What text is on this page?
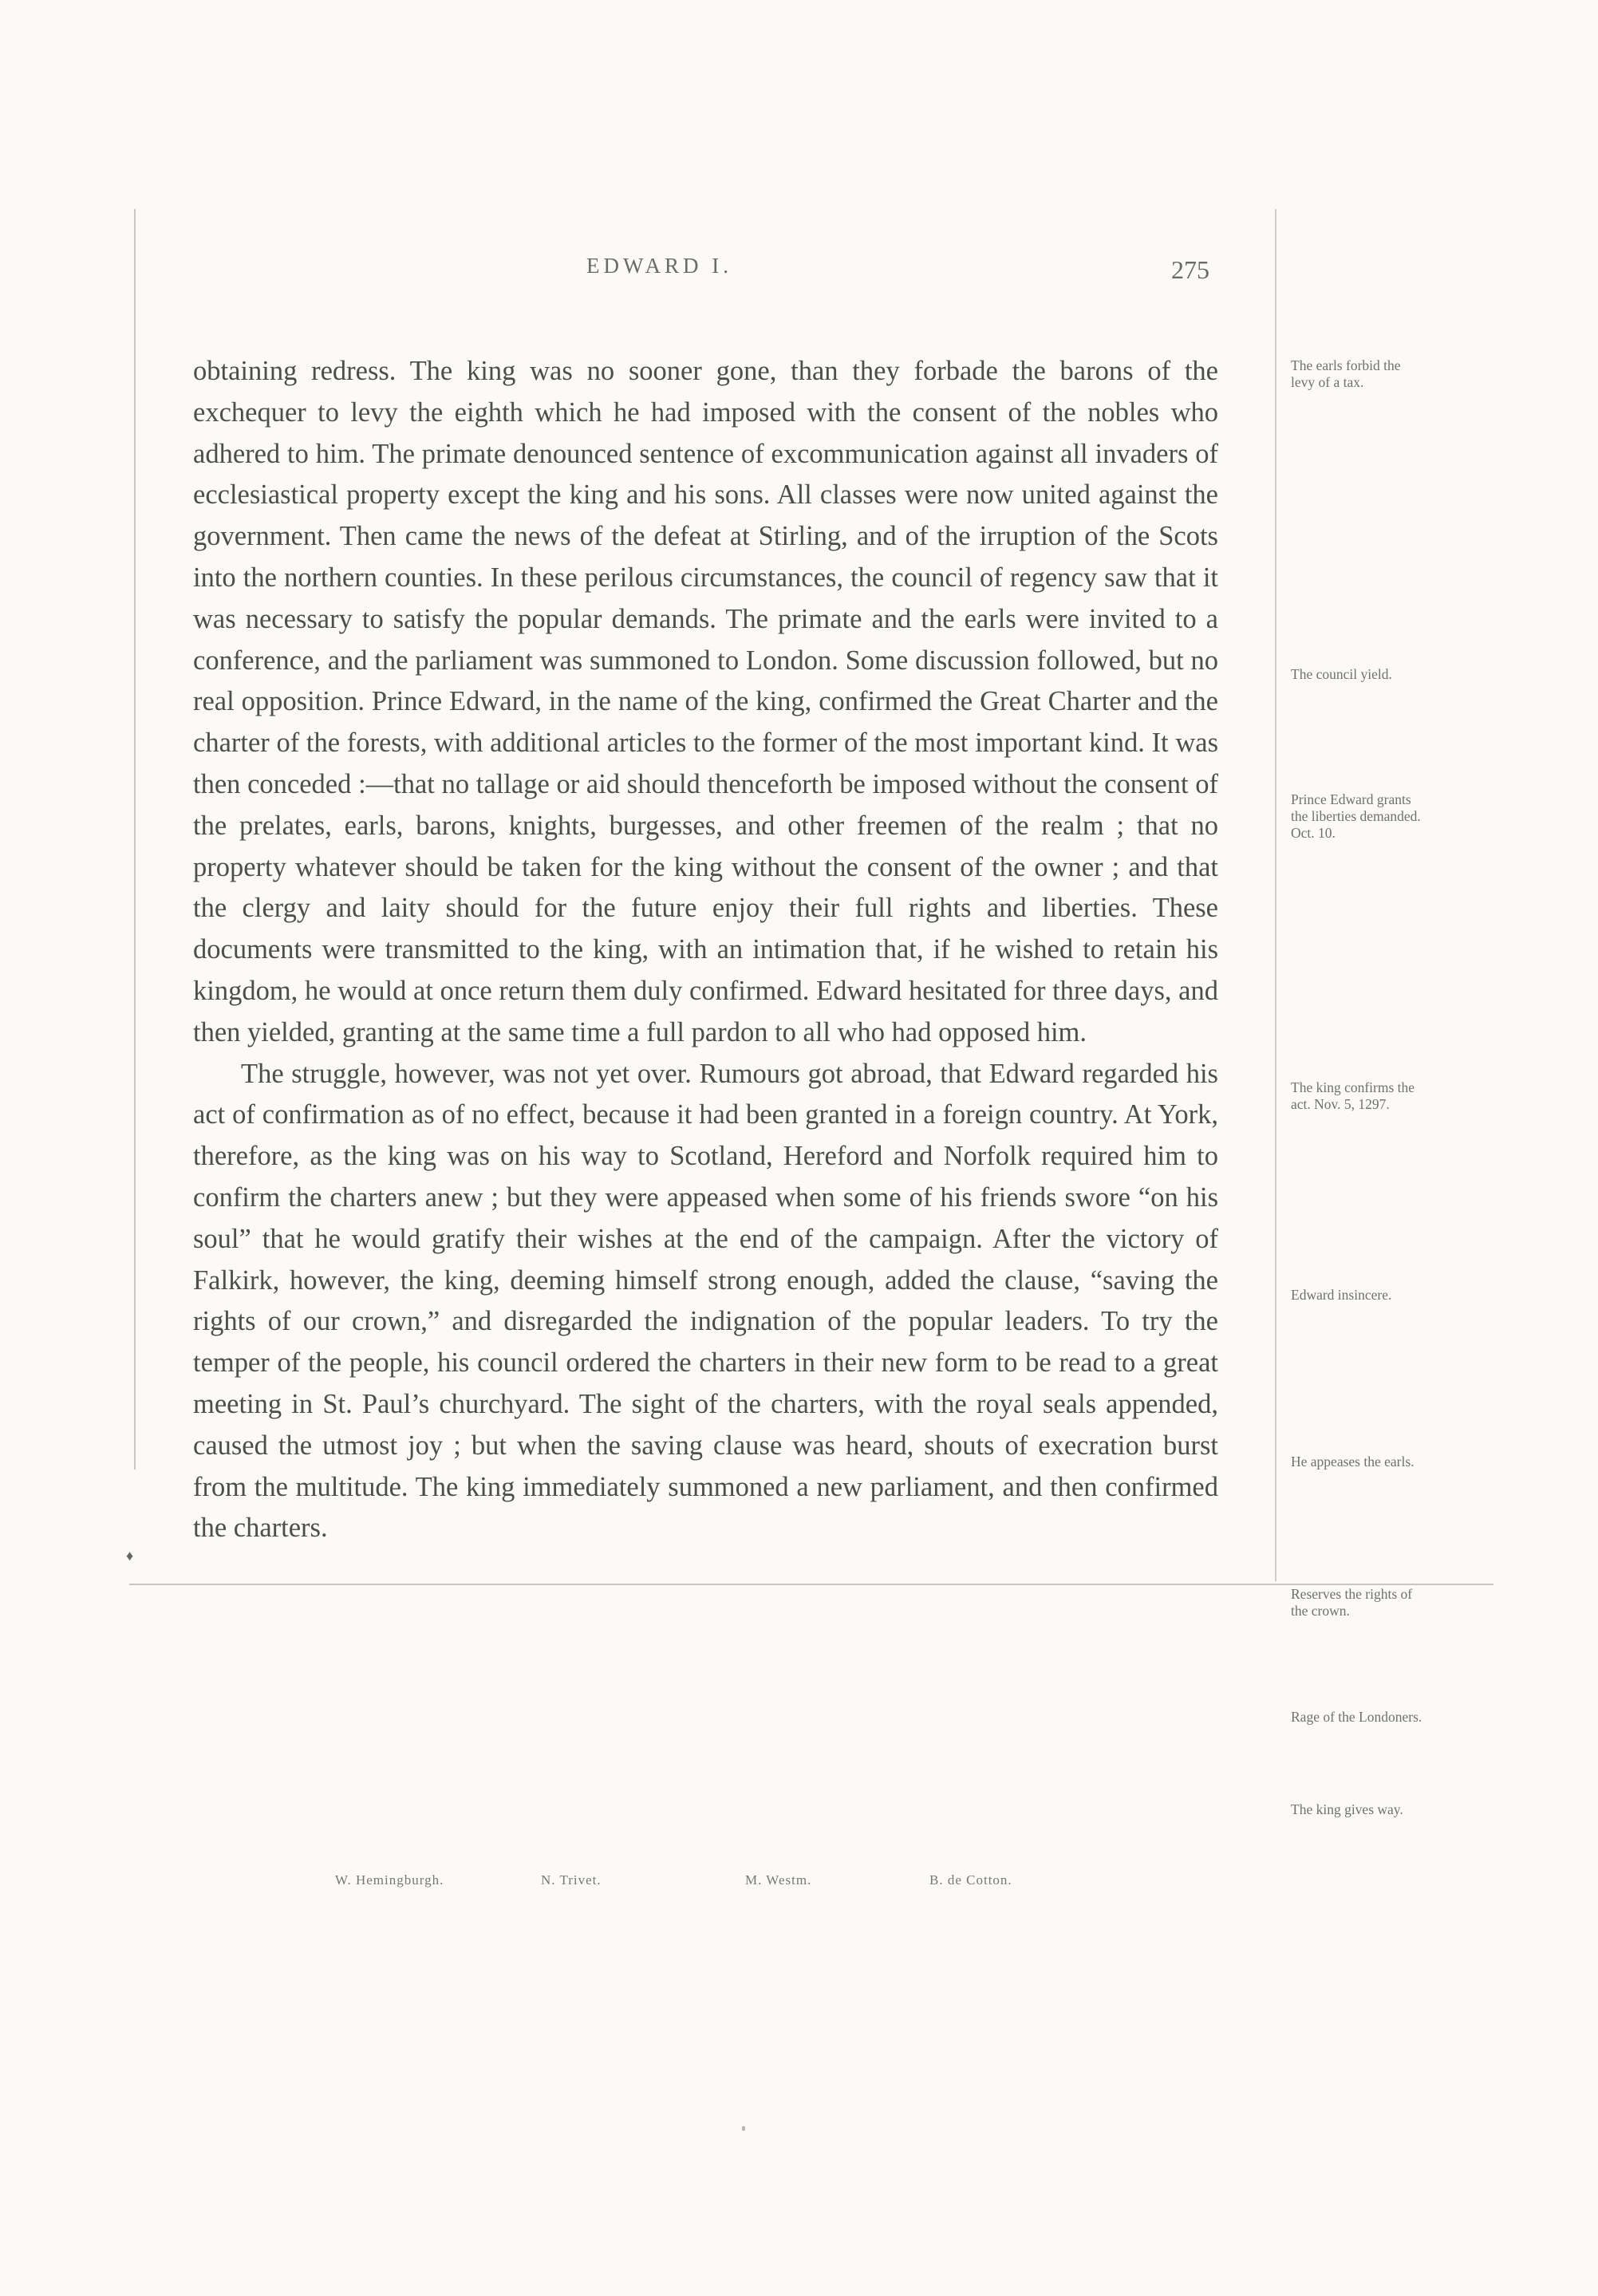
EDWARD I.	275

obtaining redress. The king was no sooner gone, than they forbade the barons of the exchequer to levy the eighth which he had imposed with the consent of the nobles who adhered to him. The primate denounced sentence of excommunication against all invaders of ecclesiastical property except the king and his sons. All classes were now united against the government. Then came the news of the defeat at Stirling, and of the irruption of the Scots into the northern counties. In these perilous circumstances, the council of regency saw that it was necessary to satisfy the popular demands. The primate and the earls were invited to a conference, and the parliament was summoned to London. Some discussion followed, but no real opposition. Prince Edward, in the name of the king, confirmed the Great Charter and the charter of the forests, with additional articles to the former of the most important kind. It was then conceded :—that no tallage or aid should thenceforth be imposed without the consent of the prelates, earls, barons, knights, burgesses, and other freemen of the realm ; that no property whatever should be taken for the king without the consent of the owner ; and that the clergy and laity should for the future enjoy their full rights and liberties. These documents were transmitted to the king, with an intimation that, if he wished to retain his kingdom, he would at once return them duly confirmed. Edward hesitated for three days, and then yielded, granting at the same time a full pardon to all who had opposed him.

The struggle, however, was not yet over. Rumours got abroad, that Edward regarded his act of confirmation as of no effect, because it had been granted in a foreign country. At York, therefore, as the king was on his way to Scotland, Hereford and Norfolk required him to confirm the charters anew ; but they were appeased when some of his friends swore “on his soul” that he would gratify their wishes at the end of the campaign. After the victory of Falkirk, however, the king, deeming himself strong enough, added the clause, “saving the rights of our crown,” and disregarded the indignation of the popular leaders. To try the temper of the people, his council ordered the charters in their new form to be read to a great meeting in St. Paul’s churchyard. The sight of the charters, with the royal seals appended, caused the utmost joy ; but when the saving clause was heard, shouts of execration burst from the multitude. The king immediately summoned a new parliament, and then confirmed the charters.

The earls forbid the levy of a tax.
The council yield.
Prince Edward grants the liberties demanded. Oct. 10.
The king confirms the act. Nov. 5, 1297.
Edward insincere.
He appeases the earls.
Reserves the rights of the crown.
Rage of the Londoners.
The king gives way.
W. Hemingburgh.	N. Trivet.	M. Westm.	B. de Cotton.
♦
